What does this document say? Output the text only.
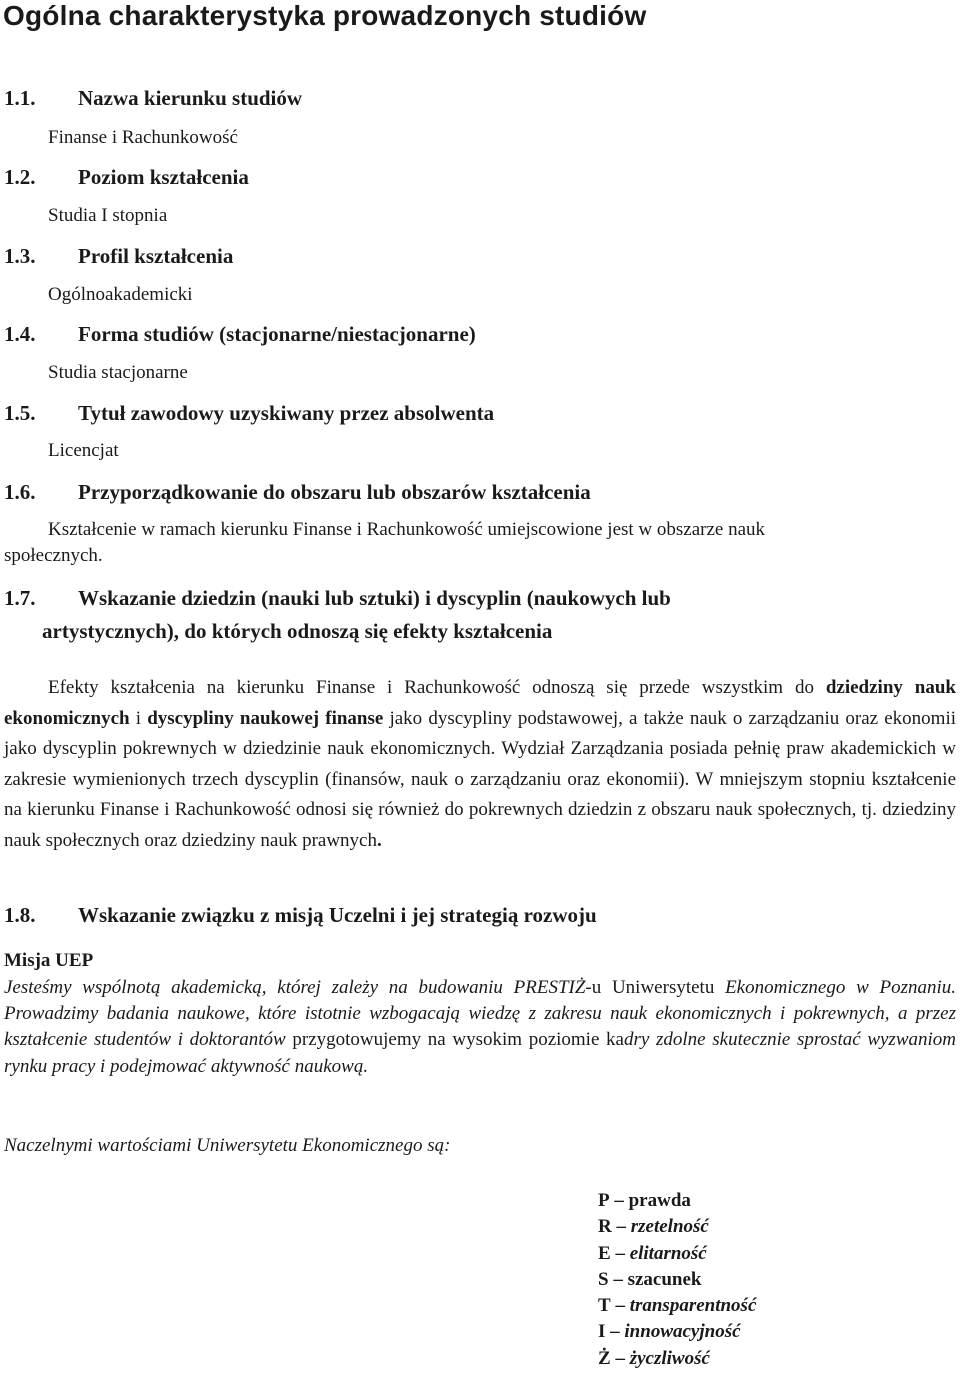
Ogólna charakterystyka prowadzonych studiów
1.1. Nazwa kierunku studiów
Finanse i Rachunkowość
1.2. Poziom kształcenia
Studia I stopnia
1.3. Profil kształcenia
Ogólnoakademicki
1.4. Forma studiów (stacjonarne/niestacjonarne)
Studia stacjonarne
1.5. Tytuł zawodowy uzyskiwany przez absolwenta
Licencjat
1.6. Przyporządkowanie do obszaru lub obszarów kształcenia
Kształcenie w ramach kierunku Finanse i Rachunkowość umiejscowione jest w obszarze nauk
społecznych.
1.7. Wskazanie dziedzin (nauki lub sztuki) i dyscyplin (naukowych lub
artystycznych), do których odnoszą się efekty kształcenia
Efekty kształcenia na kierunku Finanse i Rachunkowość odnoszą się przede wszystkim do dziedziny nauk ekonomicznych i dyscypliny naukowej finanse jako dyscypliny podstawowej, a także nauk o zarządzaniu oraz ekonomii jako dyscyplin pokrewnych w dziedzinie nauk ekonomicznych. Wydział Zarządzania posiada pełnię praw akademickich w zakresie wymienionych trzech dyscyplin (finansów, nauk o zarządzaniu oraz ekonomii). W mniejszym stopniu kształcenie na kierunku Finanse i Rachunkowość odnosi się również do pokrewnych dziedzin z obszaru nauk społecznych, tj. dziedziny nauk społecznych oraz dziedziny nauk prawnych.
1.8. Wskazanie związku z misją Uczelni i jej strategią rozwoju
Misja UEP
Jesteśmy wspólnotą akademicką, której zależy na budowaniu PRESTIŻ-u Uniwersytetu Ekonomicznego w Poznaniu. Prowadzimy badania naukowe, które istotnie wzbogacają wiedzę z zakresu nauk ekonomicznych i pokrewnych, a przez kształcenie studentów i doktorantów przygotowujemy na wysokim poziomie kadry zdolne skutecznie sprostać wyzwaniom rynku pracy i podejmować aktywność naukową.
Naczelnymi wartościami Uniwersytetu Ekonomicznego są:
P – prawda
R – rzetelność
E – elitarność
S – szacunek
T – transparentność
I – innowacyjność
Ż – życzliwość
